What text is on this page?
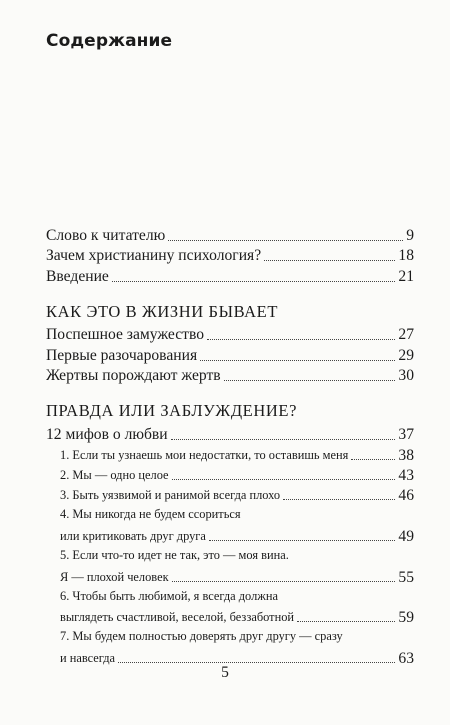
Содержание
Слово к читателю	9
Зачем христианину психология?	18
Введение	21
КАК ЭТО В ЖИЗНИ БЫВАЕТ
Поспешное замужество	27
Первые разочарования	29
Жертвы порождают жертв	30
ПРАВДА ИЛИ ЗАБЛУЖДЕНИЕ?
12 мифов о любви	37
1. Если ты узнаешь мои недостатки, то оставишь меня	38
2. Мы — одно целое	43
3. Быть уязвимой и ранимой всегда плохо	46
4. Мы никогда не будем ссориться
или критиковать друг друга	49
5. Если что-то идет не так, это — моя вина.
Я — плохой человек	55
6. Чтобы быть любимой, я всегда должна
выглядеть счастливой, веселой, беззаботной	59
7. Мы будем полностью доверять друг другу — сразу
и навсегда	63
5
